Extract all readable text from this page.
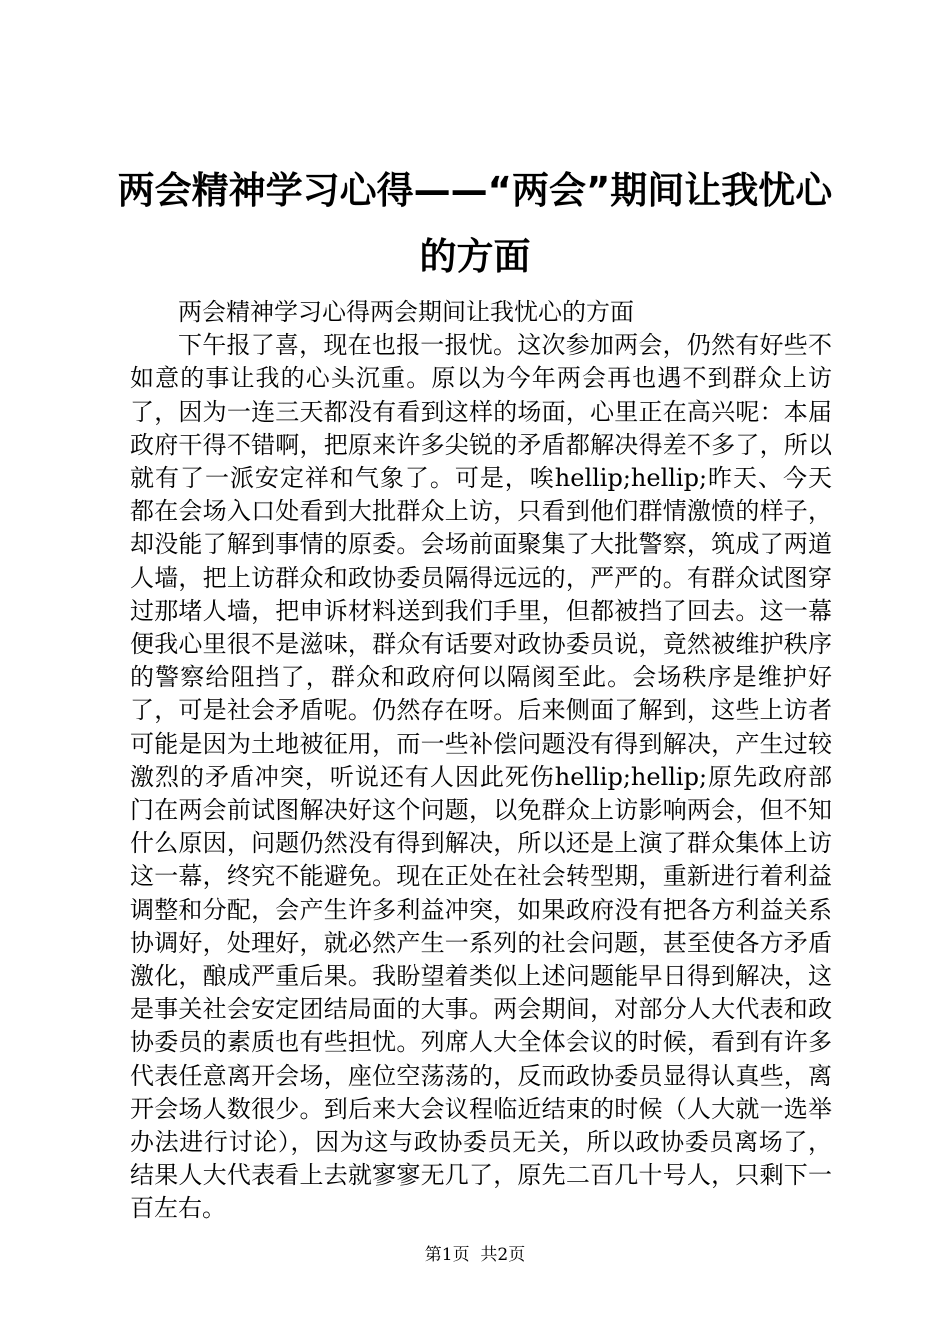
两会精神学习心得——“两会”期间让我忧心的方面

两会精神学习心得两会期间让我忧心的方面

下午报了喜，现在也报一报忧。这次参加两会，仍然有好些不如意的事让我的心头沉重。原以为今年两会再也遇不到群众上访了，因为一连三天都没有看到这样的场面，心里正在高兴呢：本届政府干得不错啊，把原来许多尖锐的矛盾都解决得差不多了，所以就有了一派安定祥和气象了。可是，唉hellip;hellip;昨天、今天都在会场入口处看到大批群众上访，只看到他们群情激愤的样子，却没能了解到事情的原委。会场前面聚集了大批警察，筑成了两道人墙，把上访群众和政协委员隔得远远的，严严的。有群众试图穿过那堵人墙，把申诉材料送到我们手里，但都被挡了回去。这一幕便我心里很不是滋味，群众有话要对政协委员说，竟然被维护秩序的警察给阻挡了，群众和政府何以隔阂至此。会场秩序是维护好了，可是社会矛盾呢。仍然存在呀。后来侧面了解到，这些上访者可能是因为土地被征用，而一些补偿问题没有得到解决，产生过较激烈的矛盾冲突，听说还有人因此死伤hellip;hellip;原先政府部门在两会前试图解决好这个问题，以免群众上访影响两会，但不知什么原因，问题仍然没有得到解决，所以还是上演了群众集体上访这一幕，终究不能避免。现在正处在社会转型期，重新进行着利益调整和分配，会产生许多利益冲突，如果政府没有把各方利益关系协调好，处理好，就必然产生一系列的社会问题，甚至使各方矛盾激化，酿成严重后果。我盼望着类似上述问题能早日得到解决，这是事关社会安定团结局面的大事。两会期间，对部分人大代表和政协委员的素质也有些担忧。列席人大全体会议的时候，看到有许多代表任意离开会场，座位空荡荡的，反而政协委员显得认真些，离开会场人数很少。到后来大会议程临近结束的时候（人大就一选举办法进行讨论），因为这与政协委员无关，所以政协委员离场了，结果人大代表看上去就寥寥无几了，原先二百几十号人，只剩下一百左右。

第1页 共2页
